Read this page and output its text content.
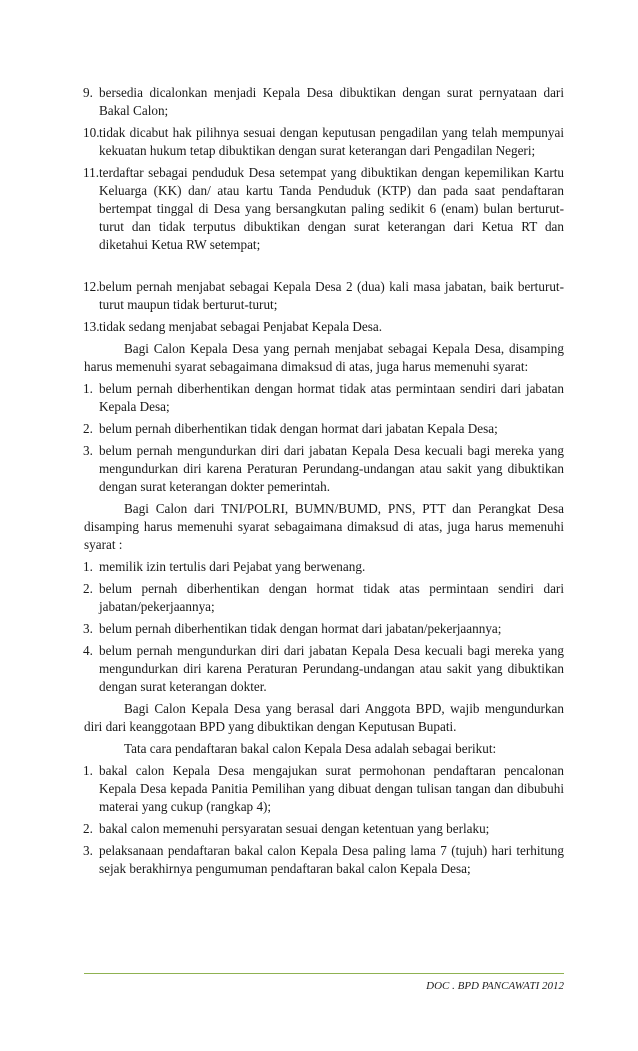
9. bersedia dicalonkan menjadi Kepala Desa dibuktikan dengan surat pernyataan dari Bakal Calon;
10. tidak dicabut hak pilihnya sesuai dengan keputusan pengadilan yang telah mempunyai kekuatan hukum tetap dibuktikan dengan surat keterangan dari Pengadilan Negeri;
11. terdaftar sebagai penduduk Desa setempat yang dibuktikan dengan kepemilikan Kartu Keluarga (KK) dan/ atau kartu Tanda Penduduk (KTP) dan pada saat pendaftaran bertempat tinggal di Desa yang bersangkutan paling sedikit 6 (enam) bulan berturut-turut dan tidak terputus dibuktikan dengan surat keterangan dari Ketua RT dan diketahui Ketua RW setempat;
12. belum pernah menjabat sebagai Kepala Desa 2 (dua) kali masa jabatan, baik berturut-turut maupun tidak berturut-turut;
13. tidak sedang menjabat sebagai Penjabat Kepala Desa.

Bagi Calon Kepala Desa yang pernah menjabat sebagai Kepala Desa, disamping harus memenuhi syarat sebagaimana dimaksud di atas, juga harus memenuhi syarat:

1. belum pernah diberhentikan dengan hormat tidak atas permintaan sendiri dari jabatan Kepala Desa;
2. belum pernah diberhentikan tidak dengan hormat dari jabatan Kepala Desa;
3. belum pernah mengundurkan diri dari jabatan Kepala Desa kecuali bagi mereka yang mengundurkan diri karena Peraturan Perundang-undangan atau sakit yang dibuktikan dengan surat keterangan dokter pemerintah.

Bagi Calon dari TNI/POLRI, BUMN/BUMD, PNS, PTT dan Perangkat Desa disamping harus memenuhi syarat sebagaimana dimaksud di atas, juga harus memenuhi syarat :

1. memilik izin tertulis dari Pejabat yang berwenang.
2. belum pernah diberhentikan dengan hormat tidak atas permintaan sendiri dari jabatan/pekerjaannya;
3. belum pernah diberhentikan tidak dengan hormat dari jabatan/pekerjaannya;
4. belum pernah mengundurkan diri dari jabatan Kepala Desa kecuali bagi mereka yang mengundurkan diri karena Peraturan Perundang-undangan atau sakit yang dibuktikan dengan surat keterangan dokter.

Bagi Calon Kepala Desa yang berasal dari Anggota BPD, wajib mengundurkan diri dari keanggotaan BPD yang dibuktikan dengan Keputusan Bupati.

Tata cara pendaftaran bakal calon Kepala Desa adalah sebagai berikut:

1. bakal calon Kepala Desa mengajukan surat permohonan pendaftaran pencalonan Kepala Desa kepada Panitia Pemilihan yang dibuat dengan tulisan tangan dan dibubuhi materai yang cukup (rangkap 4);
2. bakal calon memenuhi persyaratan sesuai dengan ketentuan yang berlaku;
3. pelaksanaan pendaftaran bakal calon Kepala Desa paling lama 7 (tujuh) hari terhitung sejak berakhirnya pengumuman pendaftaran bakal calon Kepala Desa;
DOC . BPD PANCAWATI 2012
